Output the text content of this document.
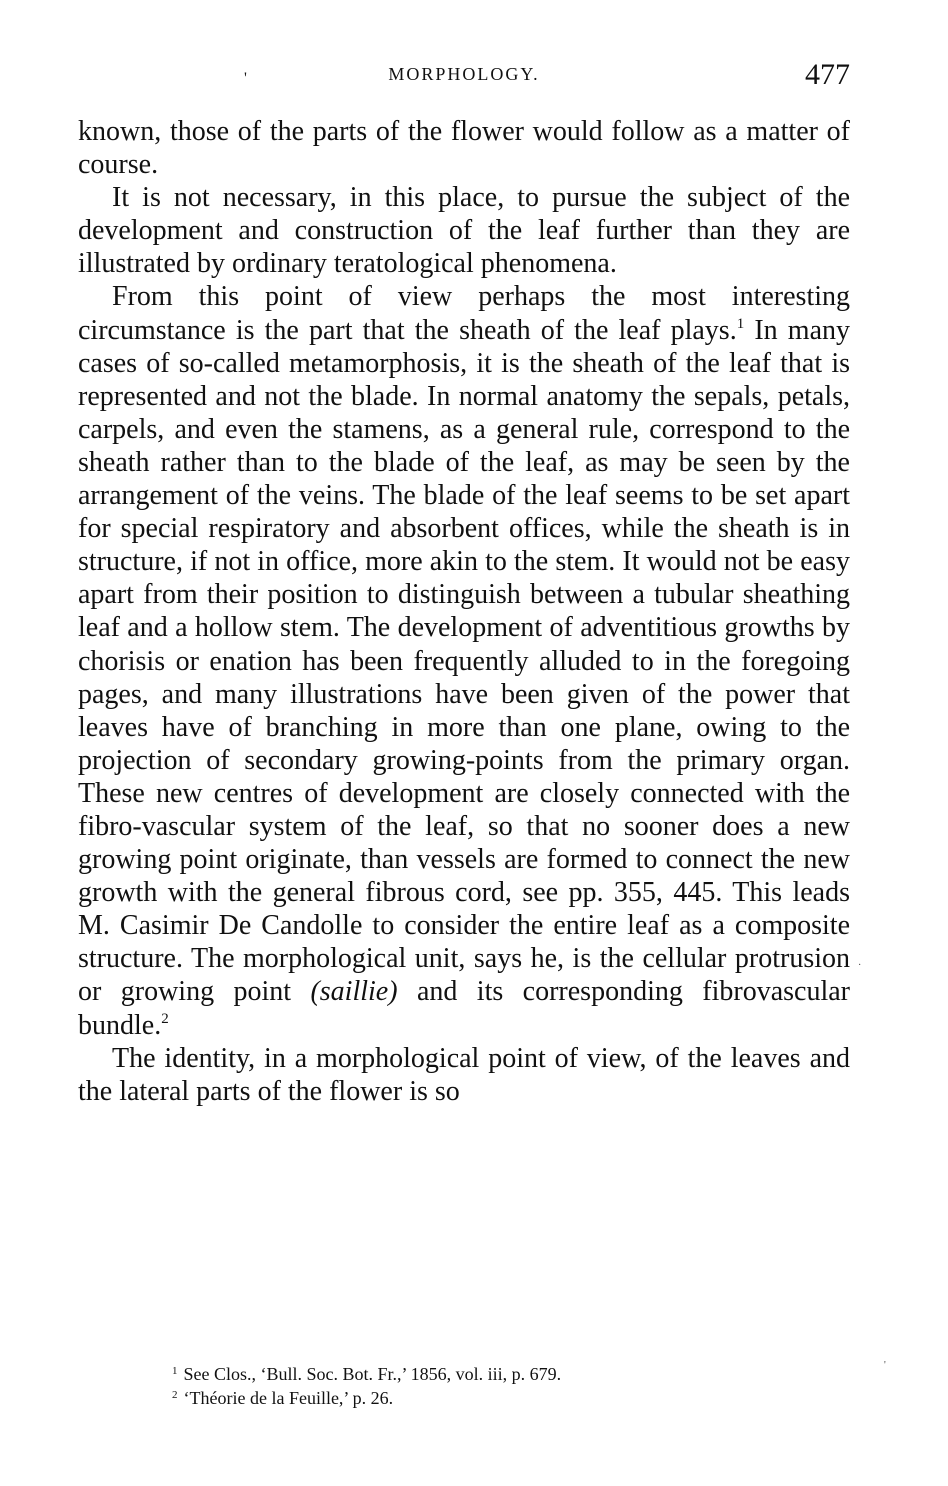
'	MORPHOLOGY.	477

known, those of the parts of the flower would follow as a matter of course.

It is not necessary, in this place, to pursue the subject of the development and construction of the leaf further than they are illustrated by ordinary teratological phenomena.

From this point of view perhaps the most interesting circumstance is the part that the sheath of the leaf plays.$^1$ In many cases of so-called metamorphosis, it is the sheath of the leaf that is represented and not the blade. In normal anatomy the sepals, petals, carpels, and even the stamens, as a general rule, correspond to the sheath rather than to the blade of the leaf, as may be seen by the arrangement of the veins. The blade of the leaf seems to be set apart for special respiratory and absorbent offices, while the sheath is in structure, if not in office, more akin to the stem. It would not be easy apart from their position to distinguish between a tubular sheathing leaf and a hollow stem. The development of adventitious growths by chorisis or enation has been frequently alluded to in the foregoing pages, and many illustrations have been given of the power that leaves have of branching in more than one plane, owing to the projection of secondary growing-points from the primary organ. These new centres of development are closely connected with the fibro-vascular system of the leaf, so that no sooner does a new growing point originate, than vessels are formed to connect the new growth with the general fibrous cord, see pp. 355, 445. This leads M. Casimir De Candolle to consider the entire leaf as a composite structure. The morphological unit, says he, is the cellular protrusion or growing point (saillie) and its corresponding fibrovascular bundle.$^2$

The identity, in a morphological point of view, of the leaves and the lateral parts of the flower is so

$^1$ See Clos., ‘Bull. Soc. Bot. Fr.,’ 1856, vol. iii, p. 679.
$^2$ ‘Théorie de la Feuille,’ p. 26.
·
'
